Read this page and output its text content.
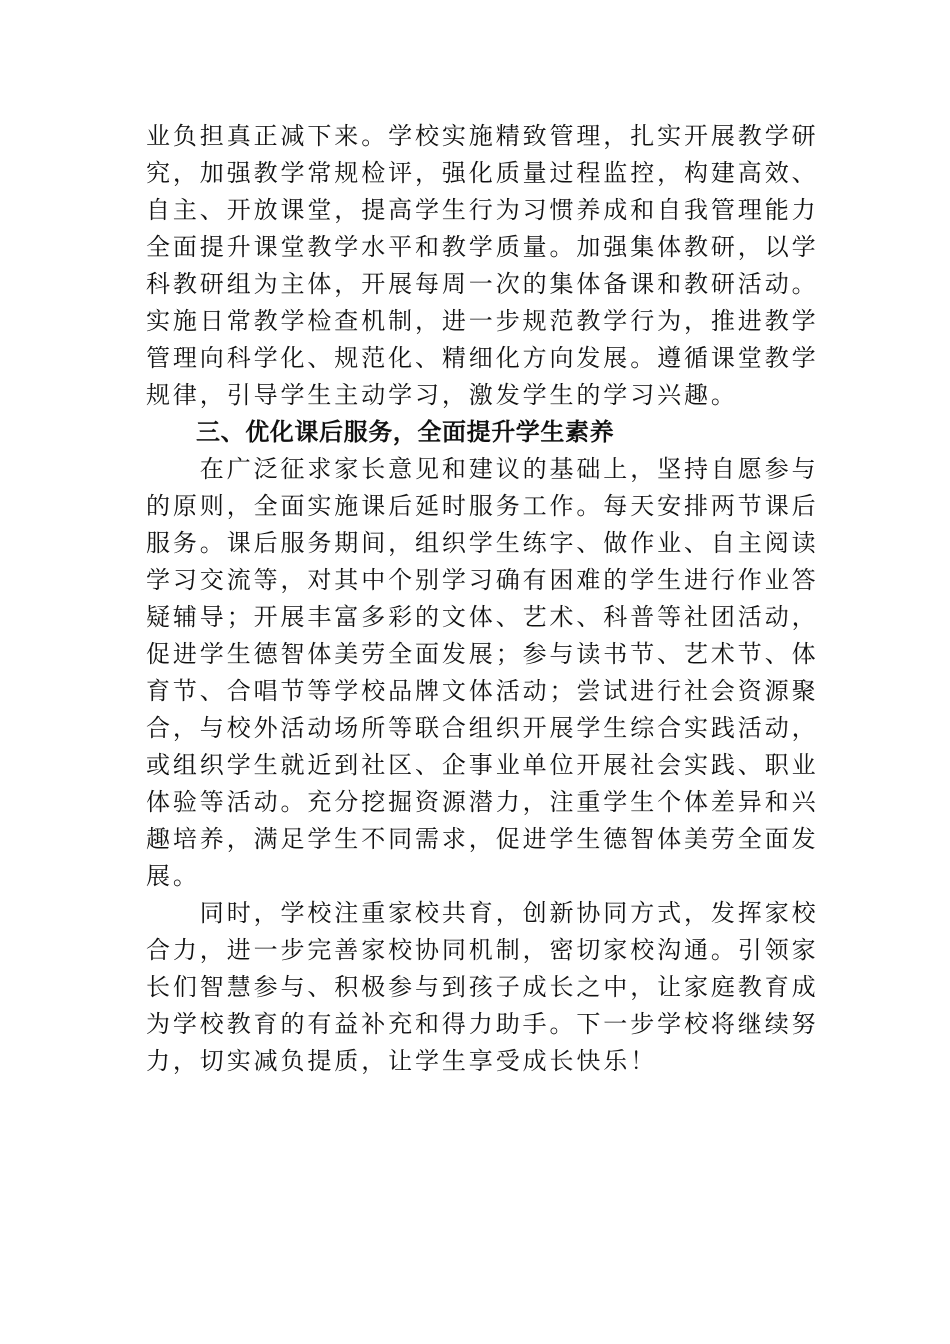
业负担真正减下来。学校实施精致管理，扎实开展教学研
究，加强教学常规检评，强化质量过程监控，构建高效、
自主、开放课堂，提高学生行为习惯养成和自我管理能力
全面提升课堂教学水平和教学质量。加强集体教研，以学
科教研组为主体，开展每周一次的集体备课和教研活动。
实施日常教学检查机制，进一步规范教学行为，推进教学
管理向科学化、规范化、精细化方向发展。遵循课堂教学
规律，引导学生主动学习，激发学生的学习兴趣。
三、优化课后服务，全面提升学生素养
　　在广泛征求家长意见和建议的基础上，坚持自愿参与
的原则，全面实施课后延时服务工作。每天安排两节课后
服务。课后服务期间，组织学生练字、做作业、自主阅读
学习交流等，对其中个别学习确有困难的学生进行作业答
疑辅导；开展丰富多彩的文体、艺术、科普等社团活动，
促进学生德智体美劳全面发展；参与读书节、艺术节、体
育节、合唱节等学校品牌文体活动；尝试进行社会资源聚
合，与校外活动场所等联合组织开展学生综合实践活动，
或组织学生就近到社区、企事业单位开展社会实践、职业
体验等活动。充分挖掘资源潜力，注重学生个体差异和兴
趣培养，满足学生不同需求，促进学生德智体美劳全面发
展。
　　同时，学校注重家校共育，创新协同方式，发挥家校
合力，进一步完善家校协同机制，密切家校沟通。引领家
长们智慧参与、积极参与到孩子成长之中，让家庭教育成
为学校教育的有益补充和得力助手。下一步学校将继续努
力，切实减负提质，让学生享受成长快乐！
